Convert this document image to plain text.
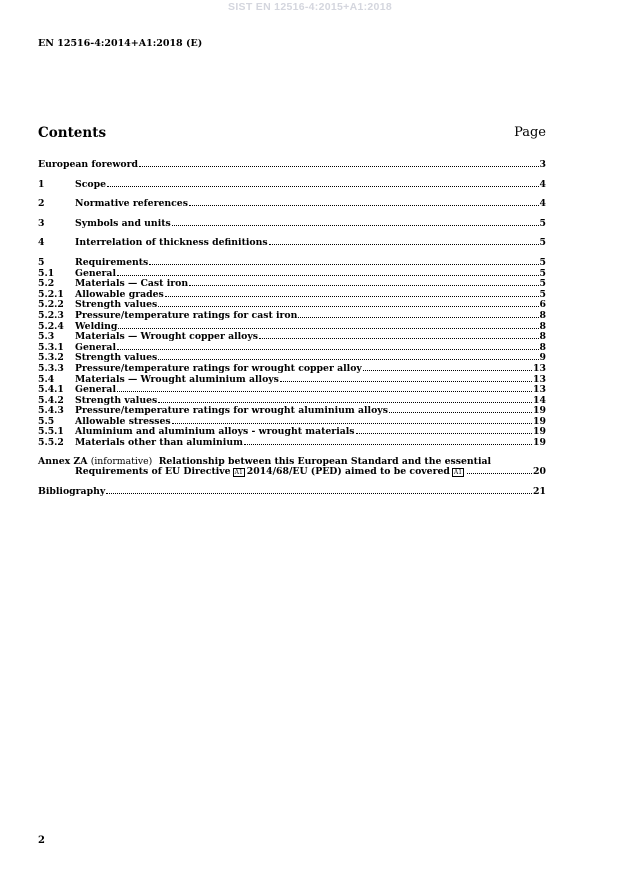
SIST EN 12516-4:2015+A1:2018
EN 12516-4:2014+A1:2018 (E)
Contents	Page
European foreword	3
1	Scope	4
2	Normative references	4
3	Symbols and units	5
4	Interrelation of thickness definitions	5
5	Requirements	5
5.1	General	5
5.2	Materials — Cast iron	5
5.2.1	Allowable grades	5
5.2.2	Strength values	6
5.2.3	Pressure/temperature ratings for cast iron	8
5.2.4	Welding	8
5.3	Materials — Wrought copper alloys	8
5.3.1	General	8
5.3.2	Strength values	9
5.3.3	Pressure/temperature ratings for wrought copper alloy	13
5.4	Materials — Wrought aluminium alloys	13
5.4.1	General	13
5.4.2	Strength values	14
5.4.3	Pressure/temperature ratings for wrought aluminium alloys	19
5.5	Allowable stresses	19
5.5.1	Aluminium and aluminium alloys - wrought materials	19
5.5.2	Materials other than aluminium	19
Annex ZA
(informative)
Relationship between this European Standard and the essential
Requirements of EU Directive A1 2014/68/EU (PED) aimed to be covered A1	20
Bibliography	21
2
